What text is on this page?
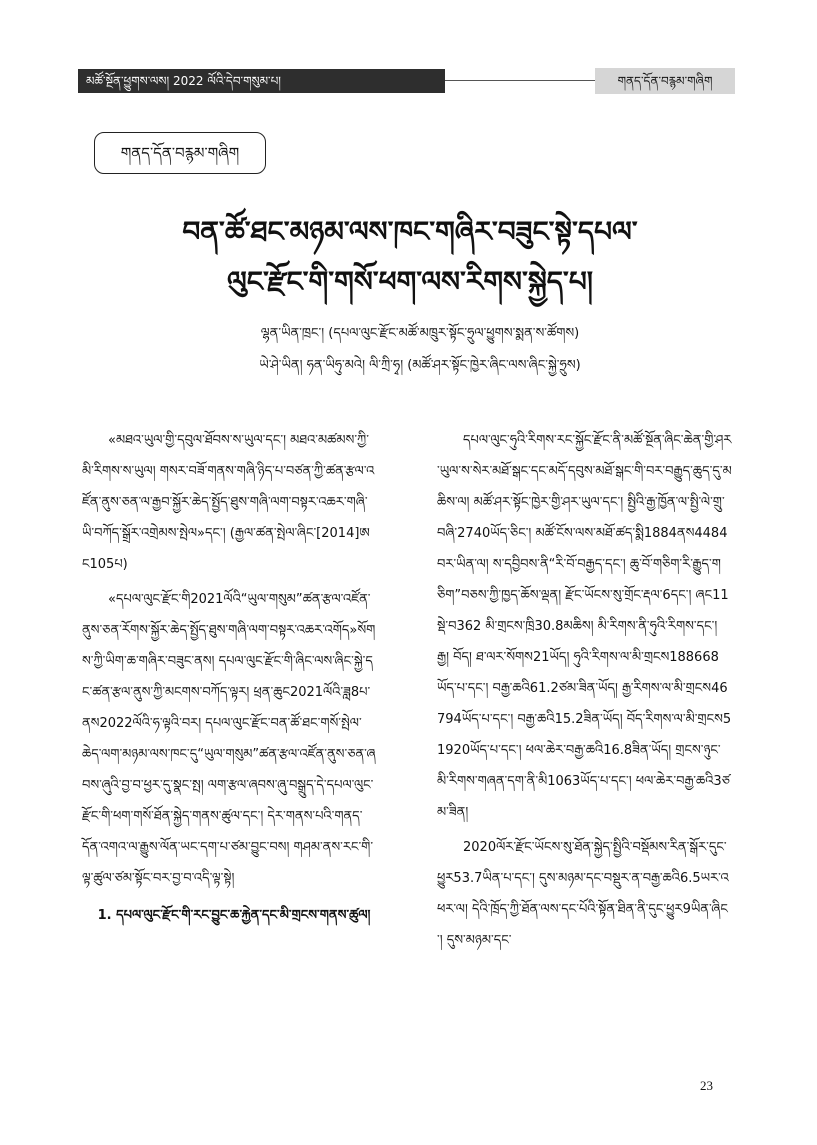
མཚོ་སྔོན་ཕྱུགས་ལས། 2022 ལོའི་དེབ་གསུམ་པ།	གནད་དོན་བརྙམ་གཞིག
གནད་དོན་བརྙམ་གཞིག
བན་ཚོ་ཐང་མཉམ་ལས་ཁང་གཞིར་བཟུང་སྟེ་དཔལ་
ལུང་རྫོང་གི་གསོ་ཕག་ལས་རིགས་སྐྱེད་པ།
ལྷན་ཡིན་ཁྲང་། (དཔལ་ལུང་རྫོང་མཚོ་མཁྲུར་སྟོང་ཧྲུལ་ཕྱུགས་སྨན་ས་ཚོགས)
ཡེ་ཤེ་ཡིན། ཧན་ཡིཧུ་མའེ། ལི་ཀྲི་ཧྭ། (མཚོ་ཤར་སྟོང་ཁྱེར་ཞིང་ལས་ཞིང་སྐྱེ་ཧྲུས)

«མཐའ་ཡུལ་གྱི་དབུལ་ཐོབས་ས་ཡུལ་དང་། མཐའ་མཚམས་ཀྱི་མི་རིགས་ས་ཡུལ། གསར་བཟོ་གནས་གཞི་ཉིད་པ་བཙན་ཀྱི་ཚན་རྩལ་འཛོན་ནུས་ཅན་ལ་རྒྱབ་སྐྱོར་ཆེད་སྤྱོད་ཐུས་གཞི་ལག་བསྟར་འཆར་གཞི་ཡི་བཀོད་སྒྲོར་འགྲེམས་སྤེལ»དང་། (རྒྱལ་ཚན་སྤེལ་ཞིང་[2014]ཨང105པ)

«དཔལ་ལུང་རྫོང་གི2021ལོའི“ཡུལ་གསུམ”ཚན་རྩལ་འཛོན་ནུས་ཅན་རོགས་སྐྱོར་ཆེད་སྤྱོད་ཐུས་གཞི་ལག་བསྟར་འཆར་འགོད»སོགས་ཀྱི་ཡིག་ཆ་གཞིར་བཟུང་ནས། དཔལ་ལུང་རྫོང་གི་ཞིང་ལས་ཞིང་སྐྱེ་དང་ཚན་རྩལ་ནུས་ཀྱི་མངགས་བཀོད་ལྟར། ཕྲན་ཆུང2021ལོའི་ཟླ8པ་ནས2022ལོའི་ཧ་ལྟའི་བར། དཔལ་ལུང་རྫོང་བན་ཚོ་ཐང་གསོ་སྤེལ་ཆེད་ལག་མཉམ་ལས་ཁང་དུ“ཡུལ་གསུམ”ཚན་རྩལ་འཛོན་ནུས་ཅན་ཞབས་ཞུའི་བྱ་བ་ཕྱར་དུ་སྣང་སྤ། ལག་རྩལ་ཞབས་ཞུ་བསྒྲུད་དེ་དཔལ་ལུང་རྫོང་གི་ཕག་གསོ་ཐོན་སྐྱེད་གནས་ཚུལ་དང་། དེར་གནས་པའི་གནད་དོན་འགའ་ལ་རྒྱུས་ལོན་ཡང་དག་པ་ཙམ་བྱུང་བས། གཤམ་ནས་རང་གི་ལྟ་ཚུལ་ཙམ་སྟོང་བར་བྱ་བ་འདི་ལྟ་སྟེ།

1. དཔལ་ལུང་རྫོང་གི་རང་བྱུང་ཆ་རྐྱེན་དང་མི་གྲངས་གནས་ཚུལ།

དཔལ་ལུང་ཧུའི་རིགས་རང་སྐྱོང་རྫོང་ནི་མཚོ་སྔོན་ཞིང་ཆེན་གྱི་ཤར་ཡུལ་ས་སེར་མཐོ་སྒང་དང་མདོ་དབུས་མཐོ་སྒང་གི་བར་བརྒྱུད་ཆུད་དུ་མཆིས་ལ། མཚོ་ཤར་སྟོང་ཁྱེར་གྱི་ཤར་ཡུལ་དང་། སྤྱིའི་རྒྱ་ཁྱོན་ལ་སྤྱི་ལེ་གྲུ་བཞི་2740ཡོད་ཅིང་། མཚོ་ངོས་ལས་མཐོ་ཚད་སྨི1884ནས4484བར་ཡིན་ལ། ས་དབྱིབས་ནི“རི་བོ་བརྒྱད་དང་། ཆུ་བོ་གཅིག་རི་རྒྱུད་གཅིག”བཅས་ཀྱི་ཁྱད་ཆོས་ལྡན། རྫོང་ཡོངས་སུ་གྲོང་རྡལ་6དང་། ཞང11 སྡེ་བ362 མི་གྲངས་ཁྲི30.8མཆིས། མི་རིགས་ནི་ཧུའི་རིགས་དང་། རྒྱ། བོད། ཐ་ལར་སོགས21ཡོད། ཧུའི་རིགས་ལ་མི་གྲངས188668ཡོད་པ་དང་། བརྒྱ་ཆའི61.2ཙམ་ཟིན་ཡོད། རྒྱ་རིགས་ལ་མི་གྲངས46794ཡོད་པ་དང་། བརྒྱ་ཆའི15.2ཟིན་ཡོད། བོད་རིགས་ལ་མི་གྲངས51920ཡོད་པ་དང་། ཕལ་ཆེར་བརྒྱ་ཆའི16.8ཟིན་ཡོད། གྲངས་ཉུང་མི་རིགས་གཞན་དག་ནི་མི1063ཡོད་པ་དང་། ཕལ་ཆེར་བརྒྱ་ཆའི3ཙམ་ཟིན།

2020ལོར་རྫོང་ཡོངས་སུ་ཐོན་སྐྱེད་སྤྱིའི་བསྡོམས་རིན་སྒོར་དུང་ཕྱུར53.7ཡིན་པ་དང་། དུས་མཉམ་དང་བསྡུར་ན་བརྒྱ་ཆའི6.5ཡར་འཕར་ལ། དེའི་ཁྲོད་ཀྱི་ཐོན་ལས་དང་པོའི་སྟོན་ཐིན་ནི་དུང་ཕྱུར9ཡིན་ཞིང་། དུས་མཉམ་དང་

23
